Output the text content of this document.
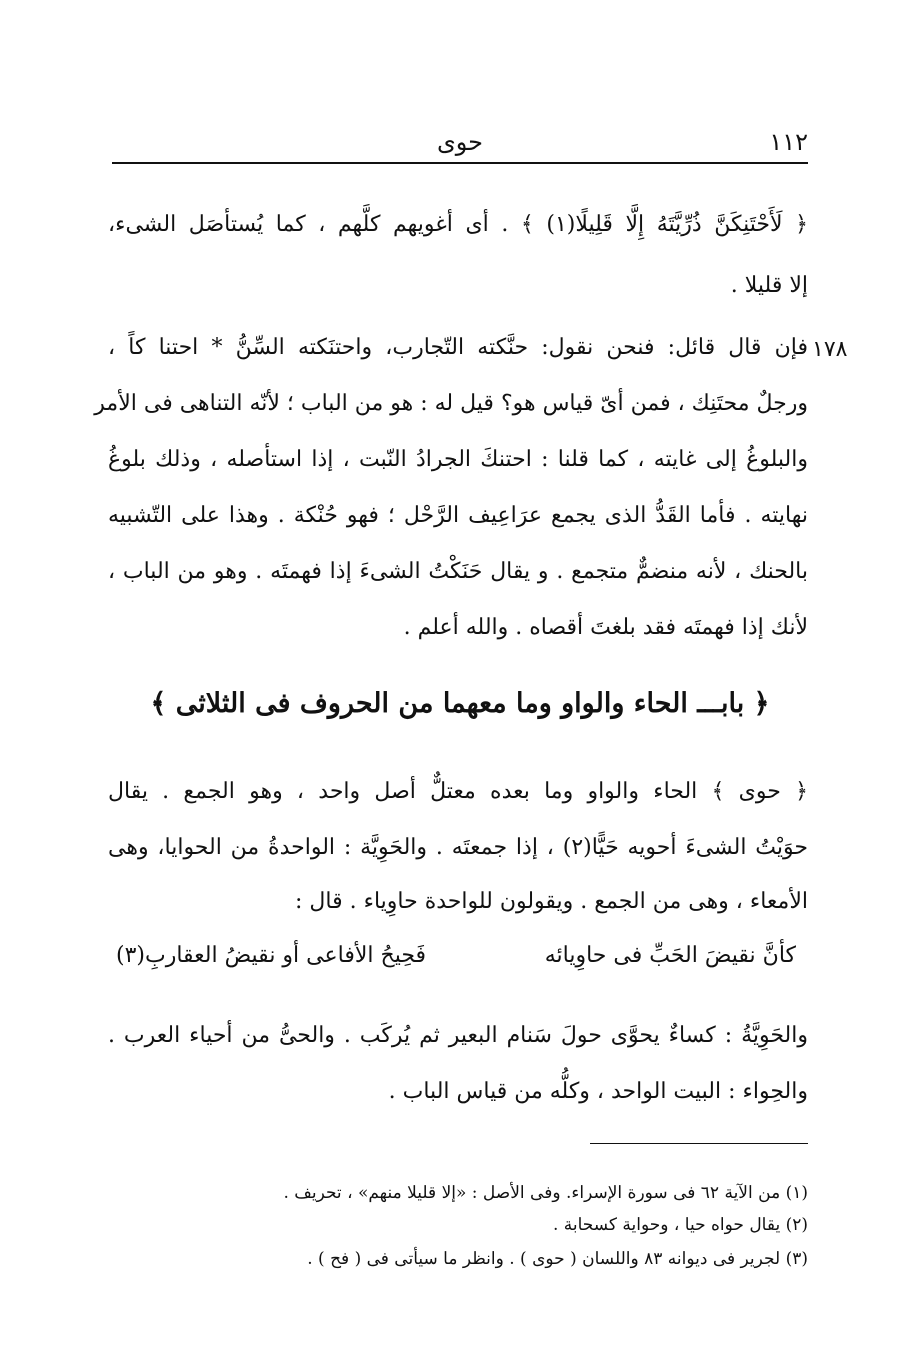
١١٢
حوى
﴿ لَأَحْتَنِكَنَّ ذُرِّيَّتَهُ إِلَّا قَلِيلًا(١) ﴾ . أى أغويهم كلَّهم ، كما يُستأصَل الشىء،
إلا قليلا .
١٧٨
فإن قال قائل: فنحن نقول: حنَّكته التّجارب، واحتنَكته السِّنُّ * احتنا كاً ،
ورجلٌ محتَنِك ، فمن أىّ قياس هو؟ قيل له : هو من الباب ؛ لأنّه التناهى فى الأمر
والبلوغُ إلى غايته ، كما قلنا : احتنكَ الجرادُ النّبت ، إذا استأصله ، وذلك بلوغُ
نهايته . فأما القَدُّ الذى يجمع عرَاعِيف الرَّحْل ؛ فهو حُنْكة . وهذا على التّشبيه
بالحنك ، لأنه منضمٌّ متجمع . و يقال حَنَكْتُ الشىءَ إذا فهمتَه . وهو من الباب ،
لأنك إذا فهمتَه فقد بلغتَ أقصاه . والله أعلم .
﴿ بابـــ الحاء والواو وما معهما من الحروف فى الثلاثى ﴾
﴿ حوى ﴾ الحاء والواو وما بعده معتلٌّ أصل واحد ، وهو الجمع . يقال
حوَيْتُ الشىءَ أحويه حَيًّا(٢) ، إذا جمعتَه . والحَوِيَّة : الواحدةُ من الحوايا، وهى
الأمعاء ، وهى من الجمع . ويقولون للواحدة حاوِياء . قال :
كأنَّ نقيضَ الحَبِّ فى حاوِيائه
فَحِيحُ الأفاعى أو نقيضُ العقاربِ(٣)
والحَوِيَّةُ : كساءٌ يحوَّى حولَ سَنام البعير ثم يُركَب . والحىُّ من أحياء العرب .
والحِواء : البيت الواحد ، وكلُّه من قياس الباب .
(١) من الآية ٦٢ فى سورة الإسراء. وفى الأصل : «إلا قليلا منهم» ، تحريف .
(٢) يقال حواه حيا ، وحواية كسحابة .
(٣) لجرير فى ديوانه ٨٣ واللسان ( حوى ) . وانظر ما سيأتى فى ( فح ) .
